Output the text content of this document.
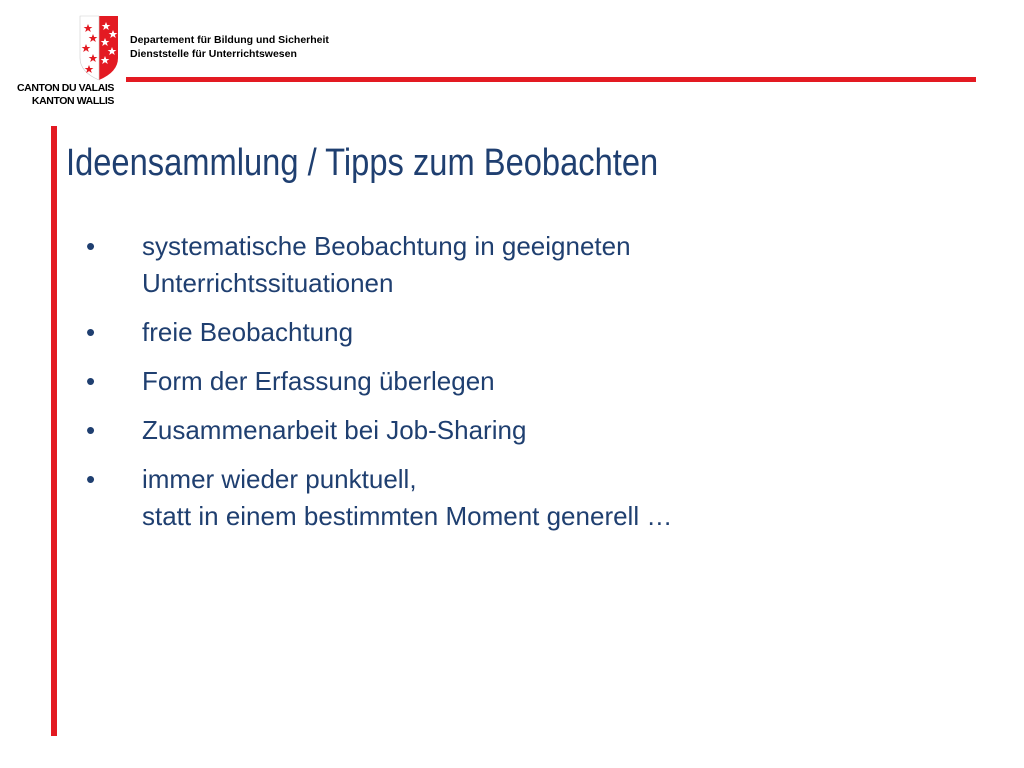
CANTON DU VALAIS
KANTON WALLIS
Departement für Bildung und Sicherheit
Dienststelle für Unterrichtswesen
Ideensammlung / Tipps zum Beobachten
•	systematische Beobachtung in geeigneten
Unterrichtssituationen
•	freie Beobachtung
•	Form der Erfassung überlegen
•	Zusammenarbeit bei Job-Sharing
•	immer wieder punktuell,
statt in einem bestimmten Moment generell …
